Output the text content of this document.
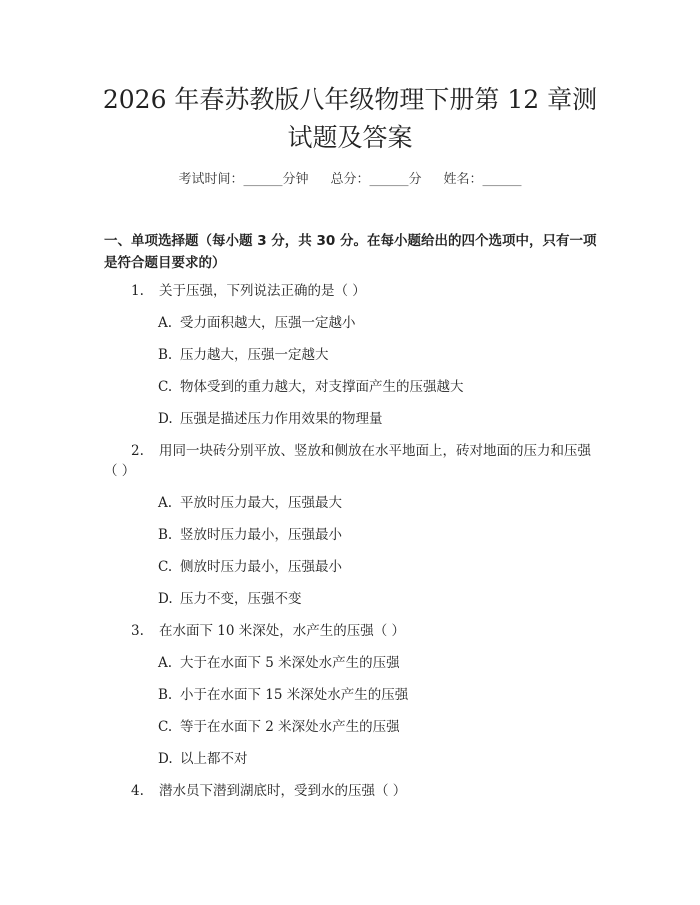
2026 年春苏教版八年级物理下册第 12 章测
试题及答案
考试时间：______分钟 总分：______分 姓名：______
一、单项选择题（每小题 3 分，共 30 分。在每小题给出的四个选项中，只有一项
是符合题目要求的）
1. 关于压强，下列说法正确的是（ ）
A. 受力面积越大，压强一定越小
B. 压力越大，压强一定越大
C. 物体受到的重力越大，对支撑面产生的压强越大
D. 压强是描述压力作用效果的物理量
2. 用同一块砖分别平放、竖放和侧放在水平地面上，砖对地面的压力和压强
（ ）
A. 平放时压力最大，压强最大
B. 竖放时压力最小，压强最小
C. 侧放时压力最小，压强最小
D. 压力不变，压强不变
3. 在水面下 10 米深处，水产生的压强（ ）
A. 大于在水面下 5 米深处水产生的压强
B. 小于在水面下 15 米深处水产生的压强
C. 等于在水面下 2 米深处水产生的压强
D. 以上都不对
4. 潜水员下潜到湖底时，受到水的压强（ ）
